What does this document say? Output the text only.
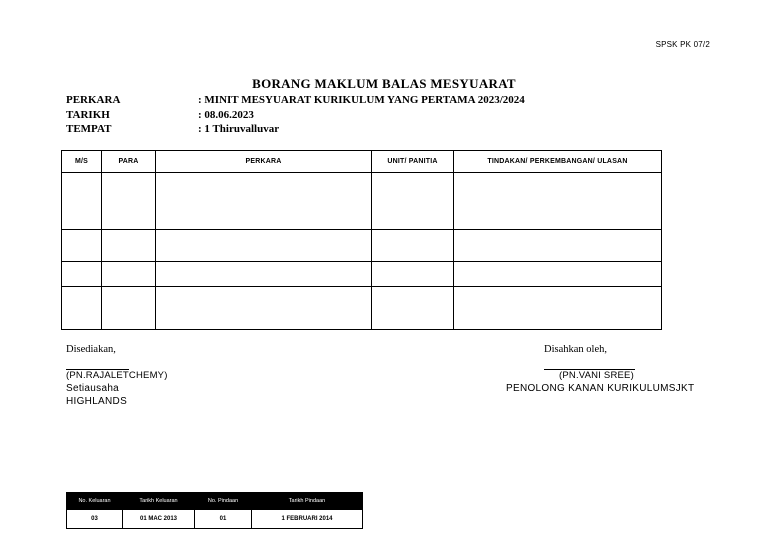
SPSK PK 07/2
BORANG MAKLUM BALAS MESYUARAT
PERKARA	: MINIT MESYUARAT KURIKULUM YANG PERTAMA 2023/2024
TARIKH	: 08.06.2023
TEMPAT	: 1 Thiruvalluvar
M/S	PARA	PERKARA	UNIT/ PANITIA	TINDAKAN/ PERKEMBANGAN/ ULASAN

Disediakan,
(PN.RAJALETCHEMY)
Setiausaha
HIGHLANDS
Disahkan oleh,
(PN.VANI SREE)
PENOLONG KANAN KURIKULUMSJKT
No. Keluaran	Tarikh Keluaran	No. Pindaan	Tarikh Pindaan
03	01 MAC 2013	01	1 FEBRUARI 2014
